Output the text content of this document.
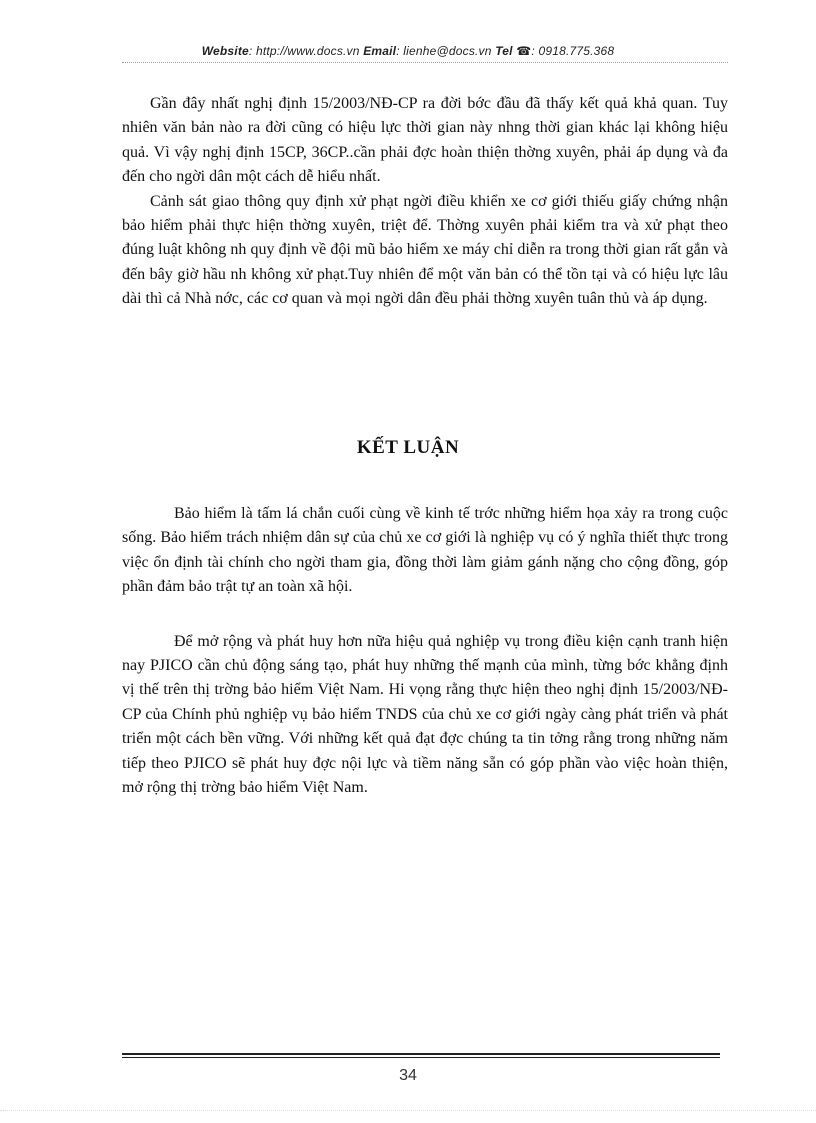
Website: http://www.docs.vn Email: lienhe@docs.vn Tel ☎: 0918.775.368

Gần đây nhất nghị định 15/2003/NĐ-CP ra đời bớc đầu đã thấy kết quả khả quan. Tuy nhiên văn bản nào ra đời cũng có hiệu lực thời gian này nhng thời gian khác lại không hiệu quả. Vì vậy nghị định 15CP, 36CP..cần phải đợc hoàn thiện thờng xuyên, phải áp dụng và đa đến cho ngời dân một cách dễ hiểu nhất.

Cảnh sát giao thông quy định xử phạt ngời điều khiển xe cơ giới thiếu giấy chứng nhận bảo hiểm phải thực hiện thờng xuyên, triệt để. Thờng xuyên phải kiểm tra và xử phạt theo đúng luật không nh quy định về đội mũ bảo hiểm xe máy chỉ diễn ra trong thời gian rất gắn và đến bây giờ hầu nh không xử phạt.Tuy nhiên để một văn bản có thể tồn tại và có hiệu lực lâu dài thì cả Nhà nớc, các cơ quan và mọi ngời dân đều phải thờng xuyên tuân thủ và áp dụng.

KẾT LUẬN

Bảo hiểm là tấm lá chắn cuối cùng về kinh tế trớc những hiểm họa xảy ra trong cuộc sống. Bảo hiểm trách nhiệm dân sự của chủ xe cơ giới là nghiệp vụ có ý nghĩa thiết thực trong việc ổn định tài chính cho ngời tham gia, đồng thời làm giảm gánh nặng cho cộng đồng, góp phần đảm bảo trật tự an toàn xã hội.

Để mở rộng và phát huy hơn nữa hiệu quả nghiệp vụ trong điều kiện cạnh tranh hiện nay PJICO cần chủ động sáng tạo, phát huy những thế mạnh của mình, từng bớc khẳng định vị thế trên thị trờng bảo hiểm Việt Nam. Hi vọng rằng thực hiện theo nghị định 15/2003/NĐ-CP của Chính phủ nghiệp vụ bảo hiểm TNDS của chủ xe cơ giới ngày càng phát triển và phát triển một cách bền vững. Với những kết quả đạt đợc chúng ta tin tởng rằng trong những năm tiếp theo PJICO sẽ phát huy đợc nội lực và tiềm năng sẵn có góp phần vào việc hoàn thiện, mở rộng thị trờng bảo hiểm Việt Nam.

34
